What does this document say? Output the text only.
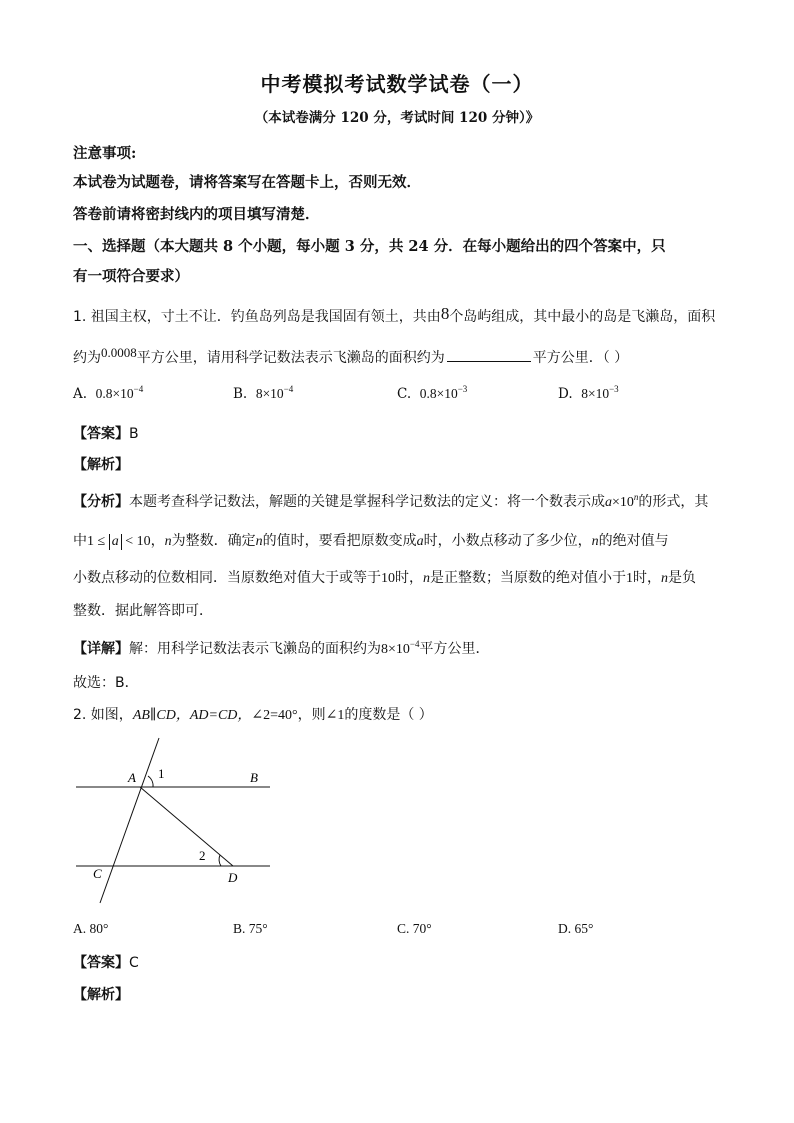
中考模拟考试数学试卷（一）
（本试卷满分 120 分，考试时间 120 分钟）》
注意事项:
本试卷为试题卷，请将答案写在答题卡上，否则无效．
答卷前请将密封线内的项目填写清楚．
一、选择题（本大题共 8 个小题，每小题 3 分，共 24 分．在每小题给出的四个答案中，只
有一项符合要求）
1. 祖国主权，寸土不让．钓鱼岛列岛是我国固有领土，共由8个岛屿组成，其中最小的岛是飞濑岛，面积
约为0.0008平方公里，请用科学记数法表示飞濑岛的面积约为	平方公里．（ ）
A. $0.8\times 10^{-4}$	B. $8\times 10^{-4}$	C. $0.8\times 10^{-3}$	D. $8\times 10^{-3}$
【答案】B
【解析】
【分析】本题考查科学记数法，解题的关键是掌握科学记数法的定义：将一个数表示成$a\times 10^n$的形式，其
中1 ≤ a < 10，n为整数．确定n的值时，要看把原数变成a时，小数点移动了多少位，n的绝对值与
小数点移动的位数相同．当原数绝对值大于或等于10时，n是正整数；当原数的绝对值小于1时，n是负
整数．据此解答即可．
【详解】解：用科学记数法表示飞濑岛的面积约为$8\times 10^{-4}$平方公里．
故选：B．
2. 如图，AB∥CD，AD=CD，∠2=40°，则∠1的度数是（ ）
A 1	B
2
C	D
A. 80°	B. 75°	C. 70°	D. 65°
【答案】C
【解析】
